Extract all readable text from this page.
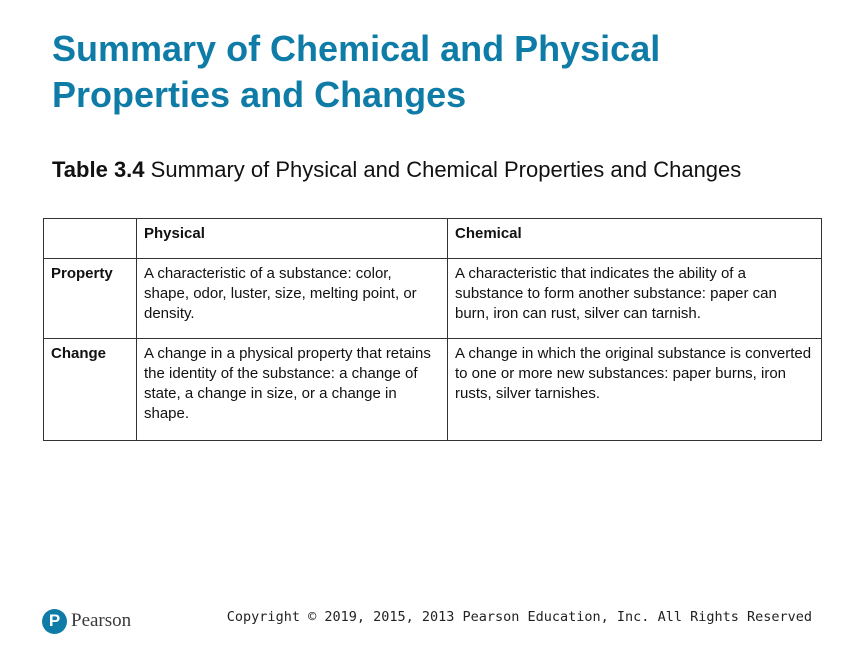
Summary of Chemical and Physical Properties and Changes
Table 3.4 Summary of Physical and Chemical Properties and Changes
	Physical	Chemical
Property	A characteristic of a substance: color, shape, odor, luster, size, melting point, or density.	A characteristic that indicates the ability of a substance to form another substance: paper can burn, iron can rust, silver can tarnish.
Change	A change in a physical property that retains the identity of the substance: a change of state, a change in size, or a change in shape.	A change in which the original substance is converted to one or more new substances: paper burns, iron rusts, silver tarnishes.
P Pearson	Copyright © 2019, 2015, 2013 Pearson Education, Inc. All Rights Reserved
